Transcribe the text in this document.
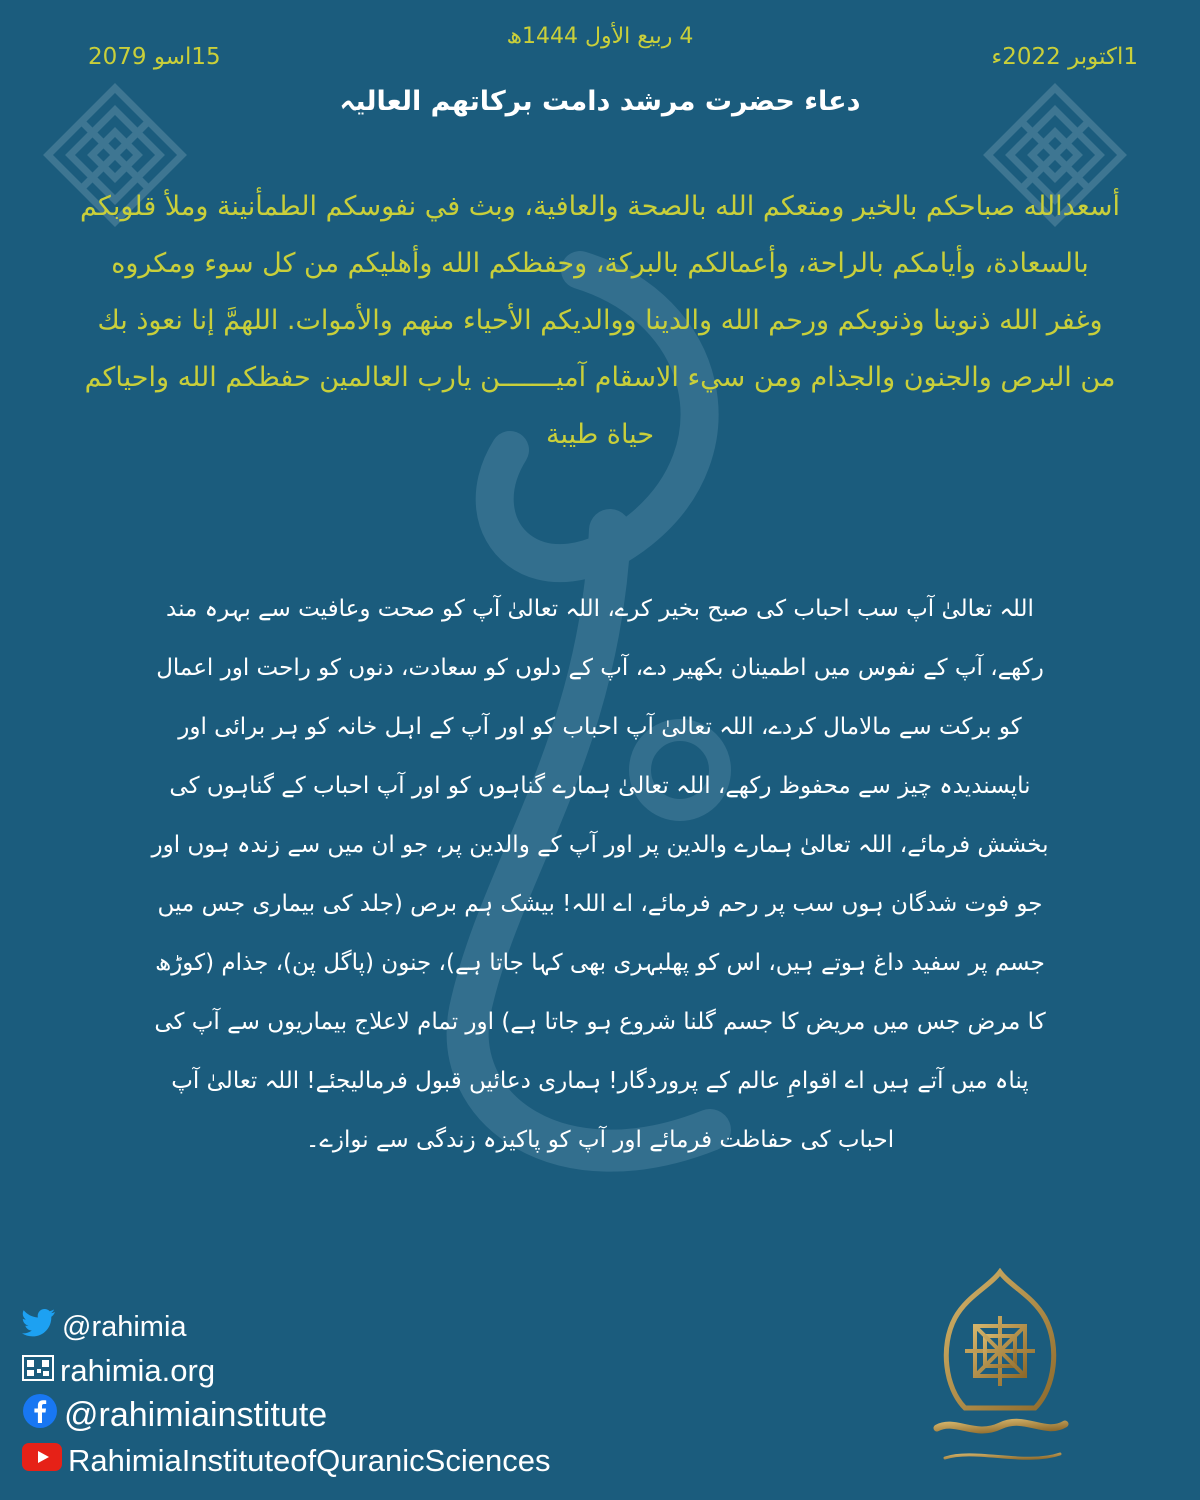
4 ربیع الأول 1444ھ
1اکتوبر 2022ء
15اسو 2079
دعاء حضرت مرشد دامت برکاتھم العالیہ

أسعدالله صباحكم بالخير ومتعكم الله بالصحة والعافية، وبث في نفوسكم الطمأنينة وملأ قلوبكم بالسعادة، وأيامكم بالراحة، وأعمالكم بالبركة، وحفظكم الله وأهليكم من كل سوء ومكروه وغفر الله ذنوبنا وذنوبكم ورحم الله والدينا ووالديكم الأحياء منهم والأموات. اللهمَّ إنا نعوذ بك من البرص والجنون والجذام ومن سيء الاسقام آميـــــــن يارب العالمين حفظكم الله واحياكم حياة طيبة

اللہ تعالیٰ آپ سب احباب کی صبح بخیر کرے، اللہ تعالیٰ آپ کو صحت وعافیت سے بہرہ مند رکھے، آپ کے نفوس میں اطمینان بکھیر دے، آپ کے دلوں کو سعادت، دنوں کو راحت اور اعمال کو برکت سے مالامال کردے، اللہ تعالیٰ آپ احباب کو اور آپ کے اہل خانہ کو ہر برائی اور ناپسندیدہ چیز سے محفوظ رکھے، اللہ تعالیٰ ہمارے گناہوں کو اور آپ احباب کے گناہوں کی بخشش فرمائے، اللہ تعالیٰ ہمارے والدین پر اور آپ کے والدین پر، جو ان میں سے زندہ ہوں اور جو فوت شدگان ہوں سب پر رحم فرمائے، اے اللہ! بیشک ہم برص (جلد کی بیماری جس میں جسم پر سفید داغ ہوتے ہیں، اس کو پھلبہری بھی کہا جاتا ہے)، جنون (پاگل پن)، جذام (کوڑھ کا مرض جس میں مریض کا جسم گلنا شروع ہو جاتا ہے) اور تمام لاعلاج بیماریوں سے آپ کی پناہ میں آتے ہیں اے اقوامِ عالم کے پروردگار! ہماری دعائیں قبول فرمالیجئے! اللہ تعالیٰ آپ احباب کی حفاظت فرمائے اور آپ کو پاکیزہ زندگی سے نوازے۔

@rahimia
rahimia.org
@rahimiainstitute
RahimiaInstituteofQuranicSciences
